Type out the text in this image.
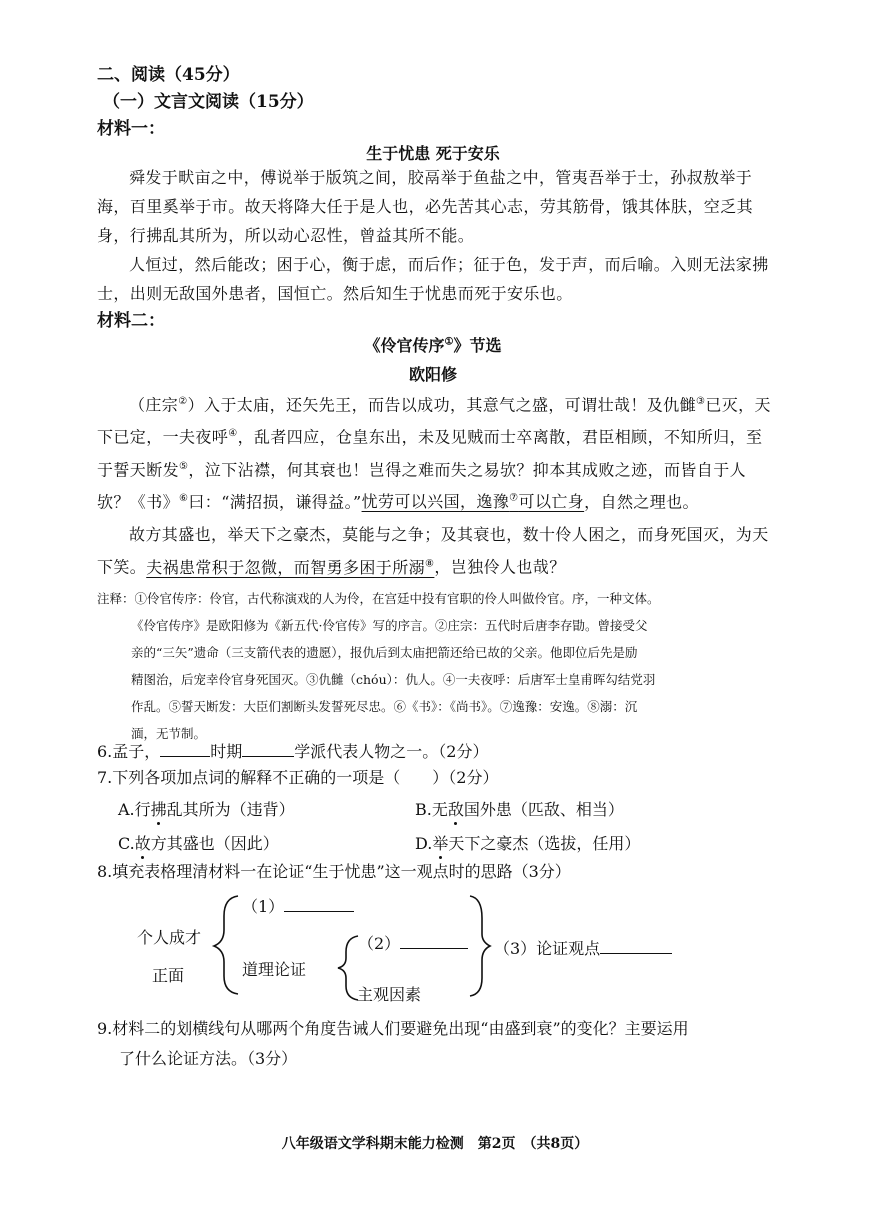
二、阅读（45分）
（一）文言文阅读（15分）
材料一：
生于忧患 死于安乐

舜发于畎亩之中，傅说举于版筑之间，胶鬲举于鱼盐之中，管夷吾举于士，孙叔敖举于海，百里奚举于市。故天将降大任于是人也，必先苦其心志，劳其筋骨，饿其体肤，空乏其身，行拂乱其所为，所以动心忍性，曾益其所不能。

人恒过，然后能改；困于心，衡于虑，而后作；征于色，发于声，而后喻。入则无法家拂士，出则无敌国外患者，国恒亡。然后知生于忧患而死于安乐也。

材料二：
《伶官传序①》节选
欧阳修

（庄宗②）入于太庙，还矢先王，而告以成功，其意气之盛，可谓壮哉！及仇雠③已灭，天下已定，一夫夜呼④，乱者四应，仓皇东出，未及见贼而士卒离散，君臣相顾，不知所归，至于誓天断发⑤，泣下沾襟，何其衰也！岂得之难而失之易欤？抑本其成败之迹，而皆自于人欤？《书》⑥曰：“满招损，谦得益。”忧劳可以兴国，逸豫⑦可以亡身，自然之理也。

故方其盛也，举天下之豪杰，莫能与之争；及其衰也，数十伶人困之，而身死国灭，为天下笑。夫祸患常积于忽微，而智勇多困于所溺⑧，岂独伶人也哉？

注释：①伶官传序：伶官，古代称演戏的人为伶，在宫廷中投有官职的伶人叫做伶官。序，一种文体。
《伶官传序》是欧阳修为《新五代·伶官传》写的序言。②庄宗：五代时后唐李存勖。曾接受父
亲的“三矢”遗命（三支箭代表的遗愿），报仇后到太庙把箭还给已故的父亲。他即位后先是励
精图治，后宠幸伶官身死国灭。③仇雠（chóu）：仇人。④一夫夜呼：后唐军士皇甫晖勾结党羽
作乱。⑤誓天断发：大臣们割断头发誓死尽忠。⑥《书》：《尚书》。⑦逸豫：安逸。⑧溺：沉
湎，无节制。
6.孟子，	时期	学派代表人物之一。（2分）
7.下列各项加点词的解释不正确的一项是（　　）（2分）
A.行拂乱其所为（违背）	B.无敌国外患（匹敌、相当）
C.故方其盛也（因此）	D.举天下之豪杰（选拔，任用）
8.填充表格理清材料一在论证“生于忧患”这一观点时的思路（3分）
个人成才
正面
（1）
（2）
道理论证
主观因素
（3）论证观点
9.材料二的划横线句从哪两个角度告诫人们要避免出现“由盛到衰”的变化？主要运用
了什么论证方法。（3分）
八年级语文学科期末能力检测　第2页　（共8页）
